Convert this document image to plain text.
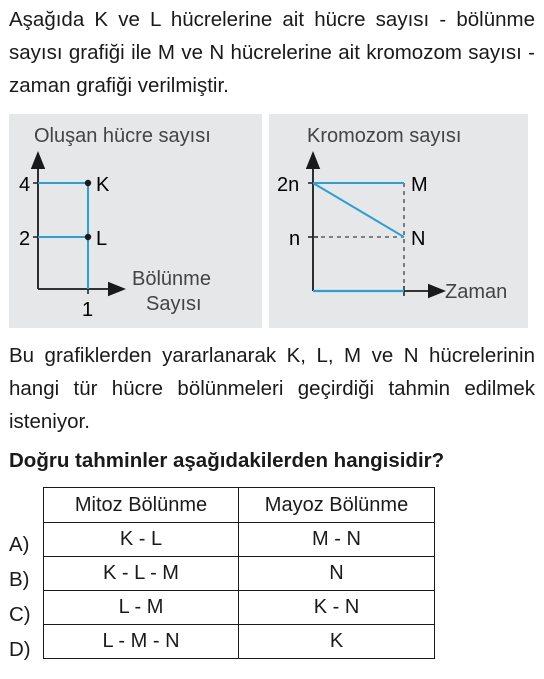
Aşağıda K ve L hücrelerine ait hücre sayısı - bölünme sayısı grafiği ile M ve N hücrelerine ait kromozom sayısı - zaman grafiği verilmiştir.
Oluşan hücre sayısı
4
2
1
K
L
Bölünme
Sayısı
Kromozom sayısı
2n
n
M
N
Zaman
Bu grafiklerden yararlanarak K, L, M ve N hücrelerinin hangi tür hücre bölünmeleri geçirdiği tahmin edilmek isteniyor.
Doğru tahminler aşağıdakilerden hangisidir?
A)
B)
C)
D)
Mitoz Bölünme	Mayoz Bölünme
K - L	M - N
K - L - M	N
L - M	K - N
L - M - N	K
